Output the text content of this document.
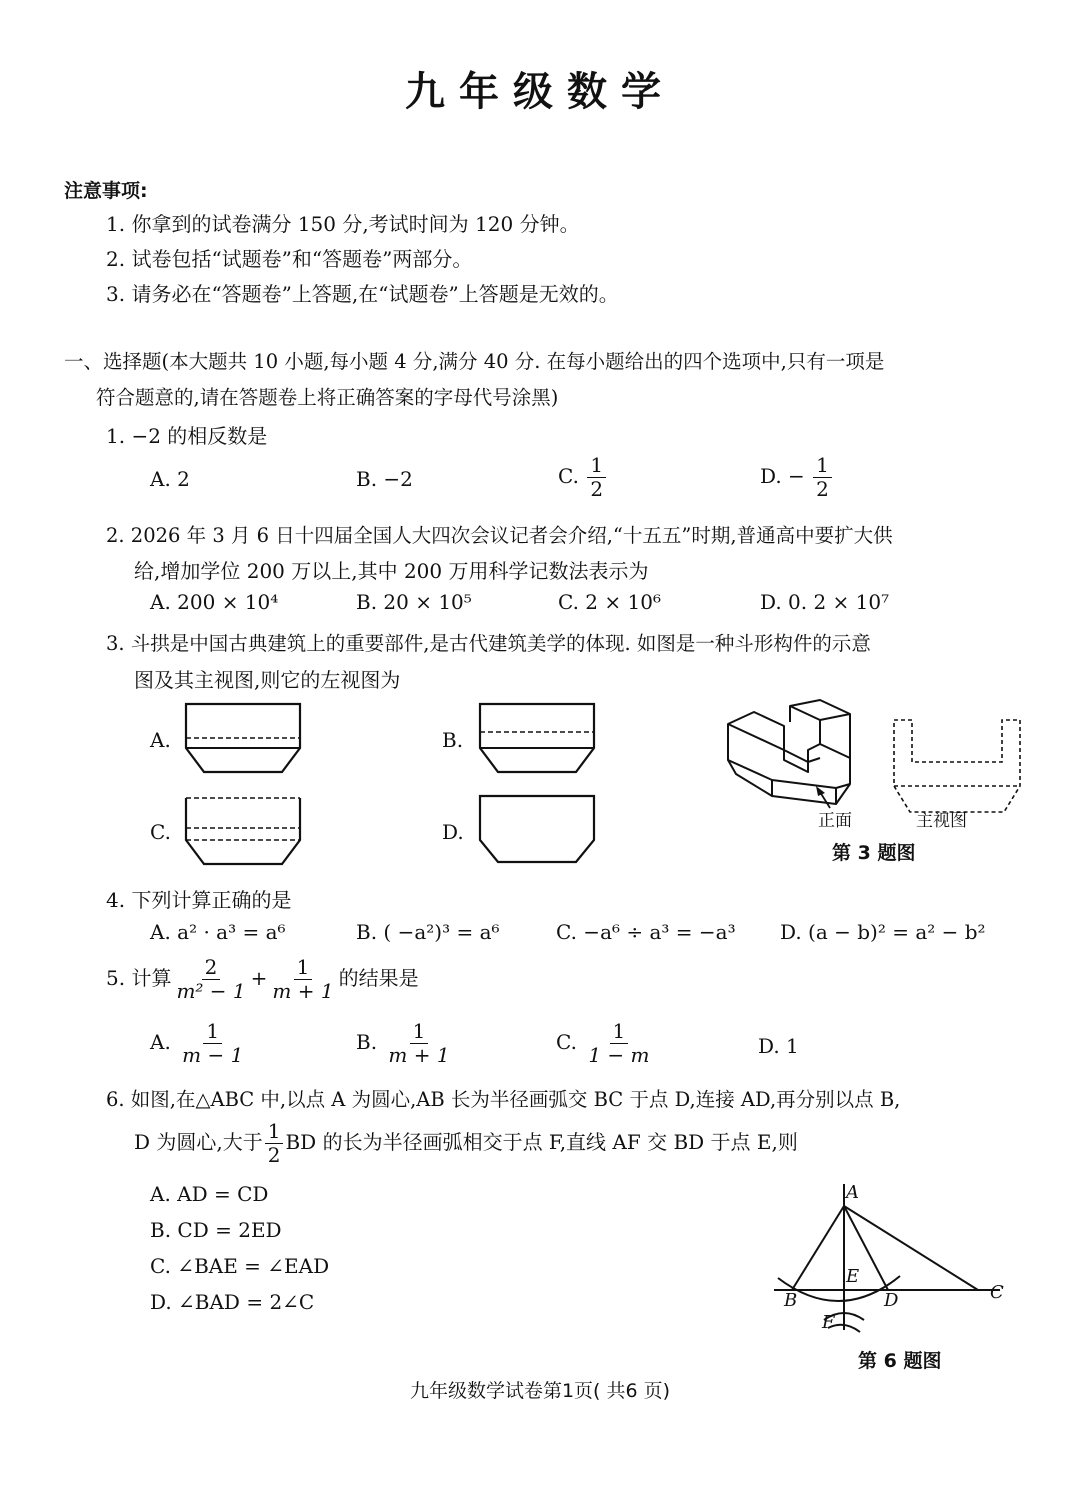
九年级数学
注意事项:
1. 你拿到的试卷满分 150 分,考试时间为 120 分钟。
2. 试卷包括“试题卷”和“答题卷”两部分。
3. 请务必在“答题卷”上答题,在“试题卷”上答题是无效的。
一、选择题(本大题共 10 小题,每小题 4 分,满分 40 分. 在每小题给出的四个选项中,只有一项是
符合题意的,请在答题卷上将正确答案的字母代号涂黑)
1. −2 的相反数是
A. 2	B. −2	C. $\frac{1}{2}$	D. − $\frac{1}{2}$
2. 2026 年 3 月 6 日十四届全国人大四次会议记者会介绍,“十五五”时期,普通高中要扩大供
给,增加学位 200 万以上,其中 200 万用科学记数法表示为
A. 200 × 10⁴	B. 20 × 10⁵	C. 2 × 10⁶	D. 0. 2 × 10⁷
3. 斗拱是中国古典建筑上的重要部件,是古代建筑美学的体现. 如图是一种斗形构件的示意
图及其主视图,则它的左视图为
A.	B.
C.	D.	正面	主视图
第 3 题图
4. 下列计算正确的是
A. a² · a³ = a⁶	B. ( −a²)³ = a⁶	C. −a⁶ ÷ a³ = −a³ D. (a − b)² = a² − b²
5. 计算 $\frac{2}{\text{m² − 1}} + \frac{1}{m + 1}$ 的结果是
A. $\frac{1}{m - 1}$	B. $\frac{1}{m + 1}$	C. $\frac{1}{1 - m}$	D. 1
6. 如图,在△ABC 中,以点 A 为圆心,AB 长为半径画弧交 BC 于点 D,连接 AD,再分别以点 B,
D 为圆心,大于 $\frac{1}{2}$ BD 的长为半径画弧相交于点 F,直线 AF 交 BD 于点 E,则
A. AD = CD
B. CD = 2ED
C. ∠BAE = ∠EAD
D. ∠BAD = 2∠C
A
B	C
D
E
F
第 6 题图
九年级数学试卷第1页( 共6 页)
